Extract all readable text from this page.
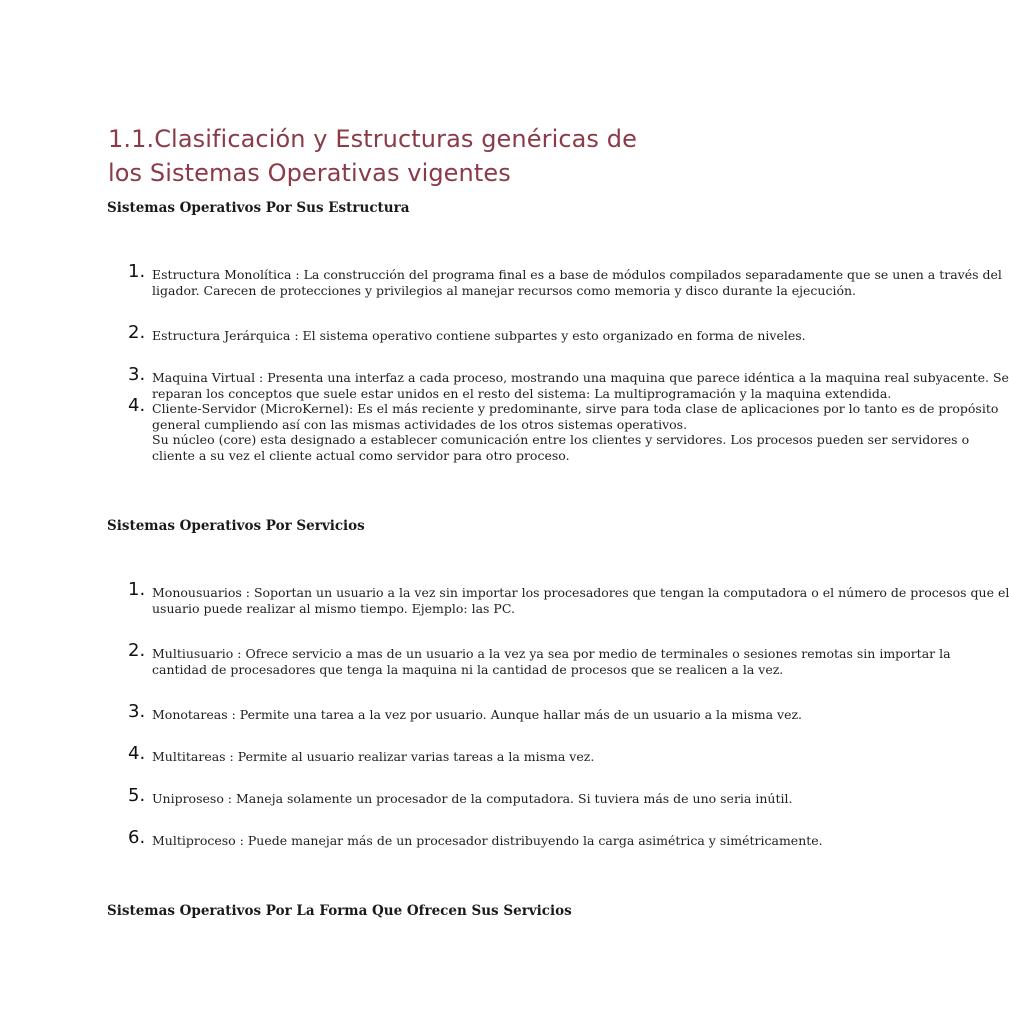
1.1.Clasificación y Estructuras genéricas de
los Sistemas Operativas vigentes
Sistemas Operativos Por Sus Estructura
1. Estructura Monolítica : La construcción del programa final es a base de módulos compilados separadamente que se unen a través del
ligador. Carecen de protecciones y privilegios al manejar recursos como memoria y disco durante la ejecución.
2. Estructura Jerárquica : El sistema operativo contiene subpartes y esto organizado en forma de niveles.
3. Maquina Virtual : Presenta una interfaz a cada proceso, mostrando una maquina que parece idéntica a la maquina real subyacente. Se
reparan los conceptos que suele estar unidos en el resto del sistema: La multiprogramación y la maquina extendida.
4. Cliente-Servidor (MicroKernel): Es el más reciente y predominante, sirve para toda clase de aplicaciones por lo tanto es de propósito
general cumpliendo así con las mismas actividades de los otros sistemas operativos.
Su núcleo (core) esta designado a establecer comunicación entre los clientes y servidores. Los procesos pueden ser servidores o
cliente a su vez el cliente actual como servidor para otro proceso.
Sistemas Operativos Por Servicios
1. Monousuarios : Soportan un usuario a la vez sin importar los procesadores que tengan la computadora o el número de procesos que el
usuario puede realizar al mismo tiempo. Ejemplo: las PC.
2. Multiusuario : Ofrece servicio a mas de un usuario a la vez ya sea por medio de terminales o sesiones remotas sin importar la
cantidad de procesadores que tenga la maquina ni la cantidad de procesos que se realicen a la vez.
3. Monotareas : Permite una tarea a la vez por usuario. Aunque hallar más de un usuario a la misma vez.
4. Multitareas : Permite al usuario realizar varias tareas a la misma vez.
5. Uniproseso : Maneja solamente un procesador de la computadora. Si tuviera más de uno seria inútil.
6. Multiproceso : Puede manejar más de un procesador distribuyendo la carga asimétrica y simétricamente.
Sistemas Operativos Por La Forma Que Ofrecen Sus Servicios
